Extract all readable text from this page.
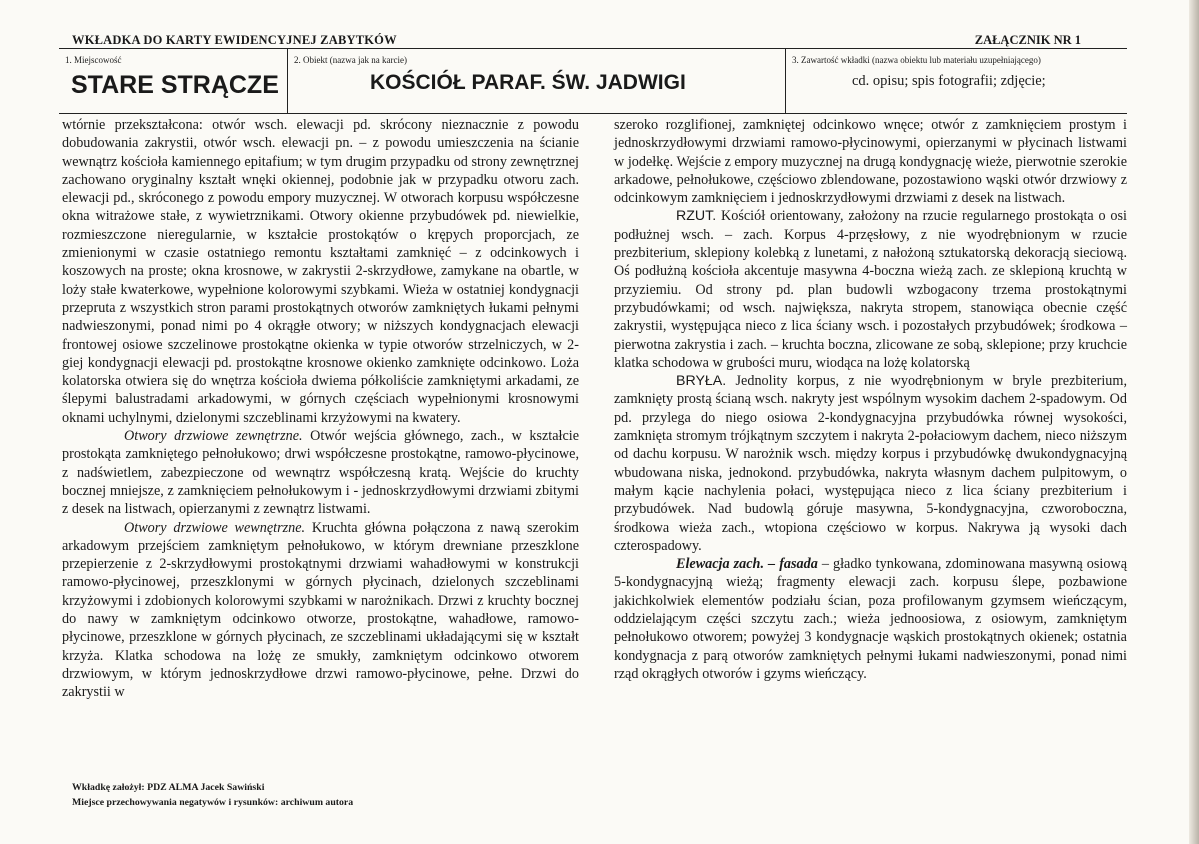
WKŁADKA DO KARTY EWIDENCYJNEJ ZABYTKÓW	ZAŁĄCZNIK NR 1
1. Miejscowość
STARE STRĄCZE
2. Obiekt (nazwa jak na karcie)
KOŚCIÓŁ PARAF. ŚW. JADWIGI
3. Zawartość wkładki (nazwa obiektu lub materiału uzupełniającego)
cd. opisu; spis fotografii; zdjęcie;

wtórnie przekształcona: otwór wsch. elewacji pd. skrócony nieznacznie z powodu dobudowania zakrystii, otwór wsch. elewacji pn. – z powodu umieszczenia na ścianie wewnątrz kościoła kamiennego epitafium; w tym drugim przypadku od strony zewnętrznej zachowano oryginalny kształt wnęki okiennej, podobnie jak w przypadku otworu zach. elewacji pd., skróconego z powodu empory muzycznej. W otworach korpusu współczesne okna witrażowe stałe, z wywietrznikami. Otwory okienne przybudówek pd. niewielkie, rozmieszczone nieregularnie, w kształcie prostokątów o krępych proporcjach, ze zmienionymi w czasie ostatniego remontu kształtami zamknięć – z odcinkowych i koszowych na proste; okna krosnowe, w zakrystii 2-skrzydłowe, zamykane na obartle, w loży stałe kwaterkowe, wypełnione kolorowymi szybkami. Wieża w ostatniej kondygnacji przeprutа z wszystkich stron parami prostokątnych otworów zamkniętych łukami pełnymi nadwieszonymi, ponad nimi po 4 okrągłe otwory; w niższych kondygnacjach elewacji frontowej osiowe szczelinowe prostokątne okienka w typie otworów strzelniczych, w 2-giej kondygnacji elewacji pd. prostokątne krosnowe okienko zamknięte odcinkowo. Loża kolatorska otwiera się do wnętrza kościoła dwiema półkoliście zamkniętymi arkadami, ze ślepymi balustradami arkadowymi, w górnych częściach wypełnionymi krosnowymi oknami uchylnymi, dzielonymi szczeblinami krzyżowymi na kwatery.

Otwory drzwiowe zewnętrzne. Otwór wejścia głównego, zach., w kształcie prostokąta zamkniętego pełnołukowo; drwi współczesne prostokątne, ramowo-płycinowe, z nadświetlem, zabezpieczone od wewnątrz współczesną kratą. Wejście do kruchty bocznej mniejsze, z zamknięciem pełnołukowym i - jednoskrzydłowymi drzwiami zbitymi z desek na listwach, opierzanymi z zewnątrz listwami.

Otwory drzwiowe wewnętrzne. Kruchta główna połączona z nawą szerokim arkadowym przejściem zamkniętym pełnołukowo, w którym drewniane przeszklone przepierzenie z 2-skrzydłowymi prostokątnymi drzwiami wahadłowymi w konstrukcji ramowo-płycinowej, przeszklonymi w górnych płycinach, dzielonych szczeblinami krzyżowymi i zdobionych kolorowymi szybkami w narożnikach. Drzwi z kruchty bocznej do nawy w zamkniętym odcinkowo otworze, prostokątne, wahadłowe, ramowo-płycinowe, przeszklone w górnych płycinach, ze szczeblinami układającymi się w kształt krzyża. Klatka schodowa na lożę ze smukły, zamkniętym odcinkowo otworem drzwiowym, w którym jednoskrzydłowe drzwi ramowo-płycinowe, pełne. Drzwi do zakrystii w

szeroko rozglifionej, zamkniętej odcinkowo wnęce; otwór z zamknięciem prostym i jednoskrzydłowymi drzwiami ramowo-płycinowymi, opierzanymi w płycinach listwami w jodełkę. Wejście z empory muzycznej na drugą kondygnację wieże, pierwotnie szerokie arkadowe, pełnołukowe, częściowo zblendowane, pozostawiono wąski otwór drzwiowy z odcinkowym zamknięciem i jednoskrzydłowymi drzwiami z desek na listwach.

RZUT. Kościół orientowany, założony na rzucie regularnego prostokąta o osi podłużnej wsch. – zach. Korpus 4-przęsłowy, z nie wyodrębnionym w rzucie prezbiterium, sklepiony kolebką z lunetami, z nałożoną sztukatorską dekoracją sieciową. Oś podłużną kościoła akcentuje masywna 4-boczna wieżą zach. ze sklepioną kruchtą w przyziemiu. Od strony pd. plan budowli wzbogacony trzema prostokątnymi przybudówkami; od wsch. największa, nakryta stropem, stanowiąca obecnie część zakrystii, występująca nieco z lica ściany wsch. i pozostałych przybudówek; środkowa – pierwotna zakrystia i zach. – kruchta boczna, zlicowane ze sobą, sklepione; przy kruchcie klatka schodowa w grubości muru, wiodąca na lożę kolatorską

BRYŁA. Jednolity korpus, z nie wyodrębnionym w bryle prezbiterium, zamknięty prostą ścianą wsch. nakryty jest wspólnym wysokim dachem 2-spadowym. Od pd. przylega do niego osiowa 2-kondygnacyjna przybudówka równej wysokości, zamknięta stromym trójkątnym szczytem i nakryta 2-połaciowym dachem, nieco niższym od dachu korpusu. W narożnik wsch. między korpus i przybudówkę dwukondygnacyjną wbudowana niska, jednokond. przybudówka, nakryta własnym dachem pulpitowym, o małym kącie nachylenia połaci, występująca nieco z lica ściany prezbiterium i przybudówek. Nad budowlą góruje masywna, 5-kondygnacyjna, czworoboczna, środkowa wieża zach., wtopiona częściowo w korpus. Nakrywa ją wysoki dach czterospadowy.

Elewacja zach. – fasada – gładko tynkowana, zdominowana masywną osiową 5-kondygnacyjną wieżą; fragmenty elewacji zach. korpusu ślepe, pozbawione jakichkolwiek elementów podziału ścian, poza profilowanym gzymsem wieńczącym, oddzielającym części szczytu zach.; wieża jednoosiowa, z osiowym, zamkniętym pełnołukowo otworem; powyżej 3 kondygnacje wąskich prostokątnych okienek; ostatnia kondygnacja z parą otworów zamkniętych pełnymi łukami nadwieszonymi, ponad nimi rząd okrągłych otworów i gzyms wieńczący.

Wkładkę założył: PDZ ALMA Jacek Sawiński
Miejsce przechowywania negatywów i rysunków: archiwum autora
